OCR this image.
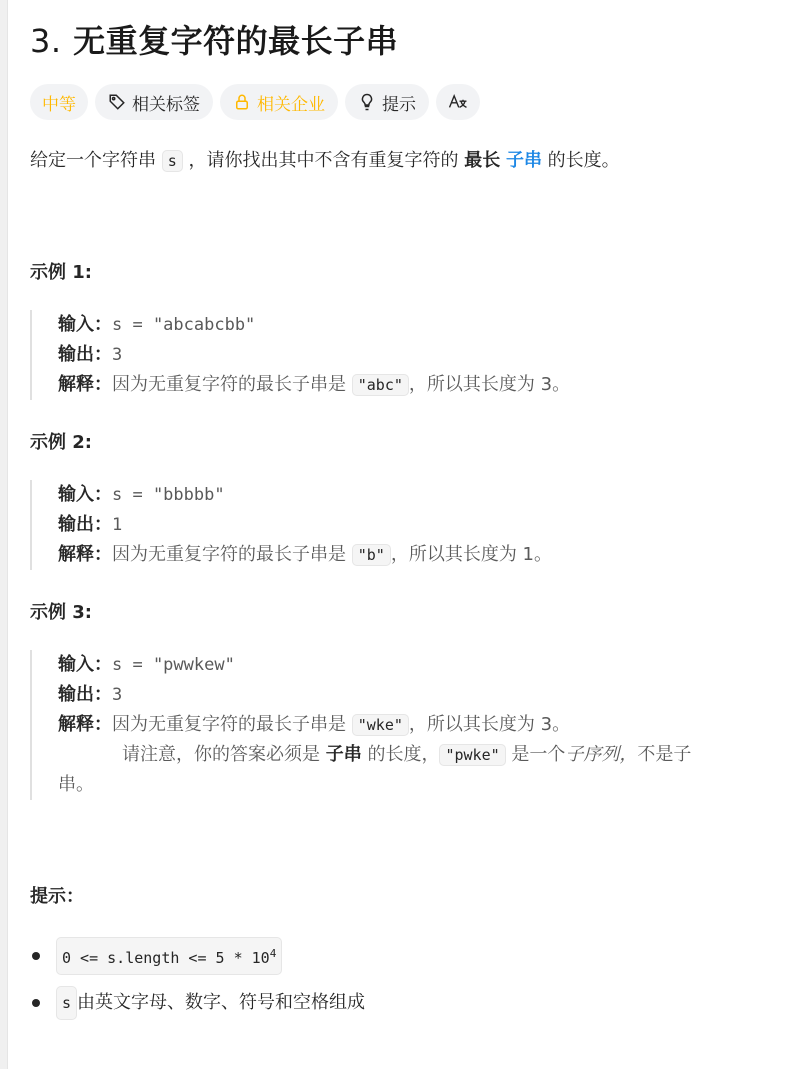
3. 无重复字符的最长子串
中等	相关标签	相关企业	提示
给定一个字符串 s ，请你找出其中不含有重复字符的 最长 子串 的长度。
示例 1:
输入：s = "abcabcbb"
输出：3
解释：因为无重复字符的最长子串是 "abc" ，所以其长度为 3。
示例 2:
输入：s = "bbbbb"
输出：1
解释：因为无重复字符的最长子串是 "b" ，所以其长度为 1。
示例 3:
输入：s = "pwwkew"
输出：3
解释：因为无重复字符的最长子串是 "wke" ，所以其长度为 3。
请注意，你的答案必须是 子串 的长度， "pwke" 是一个子序列，不是子串。
提示：
0 <= s.length <= $5 * 10^4$
s 由英文字母、数字、符号和空格组成
